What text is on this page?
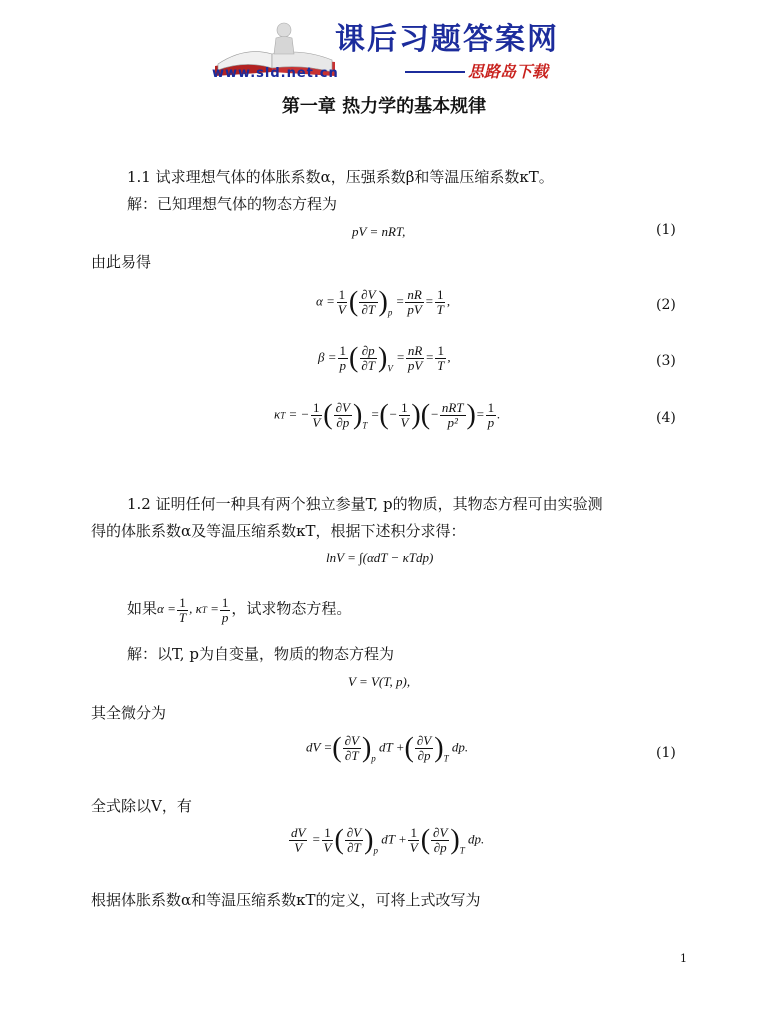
课后习题答案网
www.sld.net.cn	思路岛下载
第一章 热力学的基本规律
1.1 试求理想气体的体胀系数α，压强系数β和等温压缩系数κT。
解：已知理想气体的物态方程为
pV = nRT,	(1)
由此易得
$\alpha = \frac{1}{V}$ ( $\frac{\partial V}{\partial T} )_p = \frac{nR}{pV} = \frac{1}{T}$ ,	(2)
$\beta = \frac{1}{p}$ ( $\frac{\partial p}{\partial T} )_V = \frac{nR}{pV} = \frac{1}{T}$ ,	(3)
κT = − $\frac{1}{V}$ ( $\frac{\partial V}{\partial p} )_T$ =(− $\frac{1}{V}$ )(− $\frac{\text{nRT}}{\text{p²}}$ )= $\frac{1}{p}$ .	(4)
1.2 证明任何一种具有两个独立参量T, p的物质，其物态方程可由实验测
得的体胀系数α及等温压缩系数κT，根据下述积分求得：
lnV = ∫(αdT − κTdp)
如果$\alpha = \frac{1}{T}$ , $\kappa T = \frac{1}{p}$ ，试求物态方程。
解：以T, p为自变量，物质的物态方程为
V = V(T, p),
其全微分为
dV =( $\frac{\partial V}{\partial T} )_p$ dT +( $\frac{\partial V}{\partial p} )_T$ dp.	(1)
全式除以V，有
$\frac{dV}{V} = \frac{1}{V}$ ( $\frac{\partial V}{\partial T} )_p$ dT + $\frac{1}{V}$ ( $\frac{\partial V}{\partial p} )_T$ dp.
根据体胀系数α和等温压缩系数κT的定义，可将上式改写为
1
